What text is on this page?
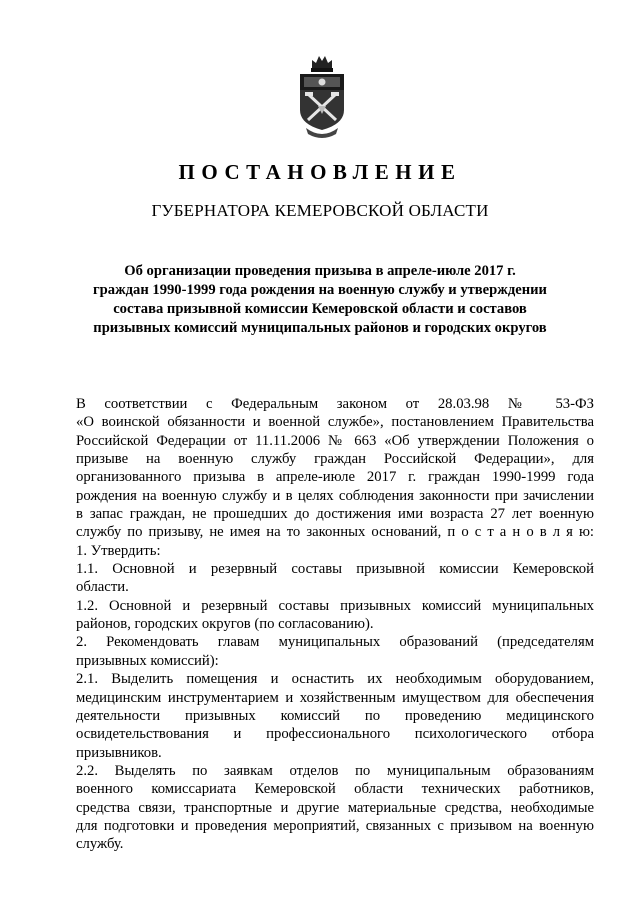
ПОСТАНОВЛЕНИЕ
ГУБЕРНАТОРА КЕМЕРОВСКОЙ ОБЛАСТИ
Об организации проведения призыва в апреле-июле 2017 г.
граждан 1990-1999 года рождения на военную службу и утверждении
состава призывной комиссии Кемеровской области и составов
призывных комиссий муниципальных районов и городских округов
В соответствии с Федеральным законом от 28.03.98 № 53-ФЗ
«О воинской обязанности и военной службе», постановлением Правительства
Российской Федерации от 11.11.2006 № 663 «Об утверждении Положения о
призыве на военную службу граждан Российской Федерации», для
организованного призыва в апреле-июле 2017 г. граждан 1990-1999 года
рождения на военную службу и в целях соблюдения законности при зачислении
в запас граждан, не прошедших до достижения ими возраста 27 лет военную
службу по призыву, не имея на то законных оснований, п о с т а н о в л я ю:
1. Утвердить:
1.1. Основной и резервный составы призывной комиссии Кемеровской
области.
1.2. Основной и резервный составы призывных комиссий муниципальных
районов, городских округов (по согласованию).
2. Рекомендовать главам муниципальных образований (председателям
призывных комиссий):
2.1. Выделить помещения и оснастить их необходимым оборудованием,
медицинским инструментарием и хозяйственным имуществом для обеспечения
деятельности призывных комиссий по проведению медицинского
освидетельствования и профессионального психологического отбора
призывников.
2.2. Выделять по заявкам отделов по муниципальным образованиям
военного комиссариата Кемеровской области технических работников,
средства связи, транспортные и другие материальные средства, необходимые
для подготовки и проведения мероприятий, связанных с призывом на военную
службу.
